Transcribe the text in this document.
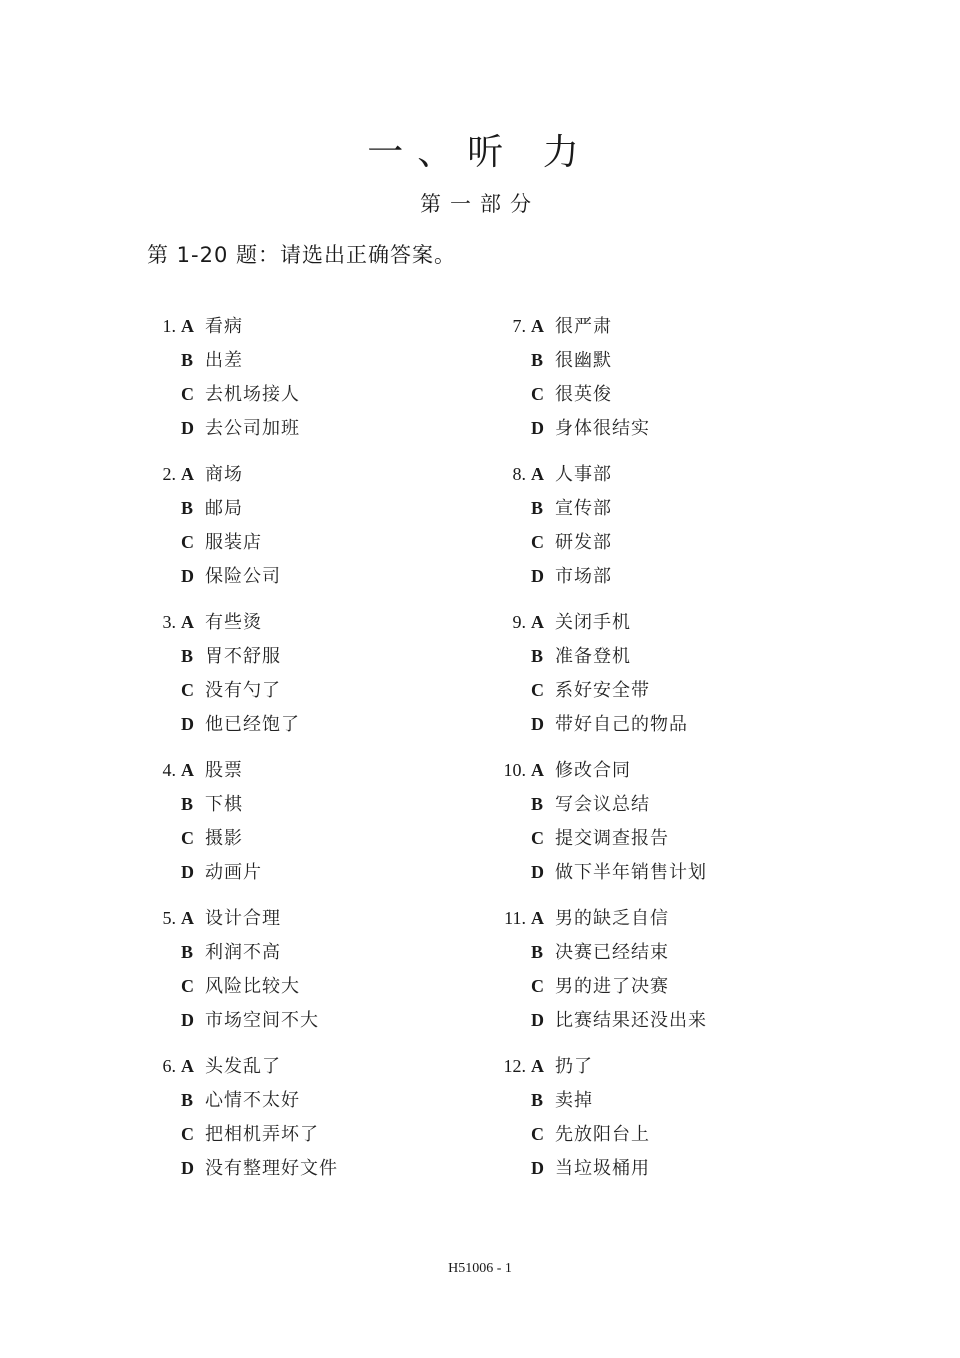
一、听 力
第一部分
第 1-20 题：请选出正确答案。
1. A 看病
B 出差
C 去机场接人
D 去公司加班
2. A 商场
B 邮局
C 服装店
D 保险公司
3. A 有些烫
B 胃不舒服
C 没有勺了
D 他已经饱了
4. A 股票
B 下棋
C 摄影
D 动画片
5. A 设计合理
B 利润不高
C 风险比较大
D 市场空间不大
6. A 头发乱了
B 心情不太好
C 把相机弄坏了
D 没有整理好文件
7. A 很严肃
B 很幽默
C 很英俊
D 身体很结实
8. A 人事部
B 宣传部
C 研发部
D 市场部
9. A 关闭手机
B 准备登机
C 系好安全带
D 带好自己的物品
10. A 修改合同
B 写会议总结
C 提交调查报告
D 做下半年销售计划
11. A 男的缺乏自信
B 决赛已经结束
C 男的进了决赛
D 比赛结果还没出来
12. A 扔了
B 卖掉
C 先放阳台上
D 当垃圾桶用
H51006 - 1
